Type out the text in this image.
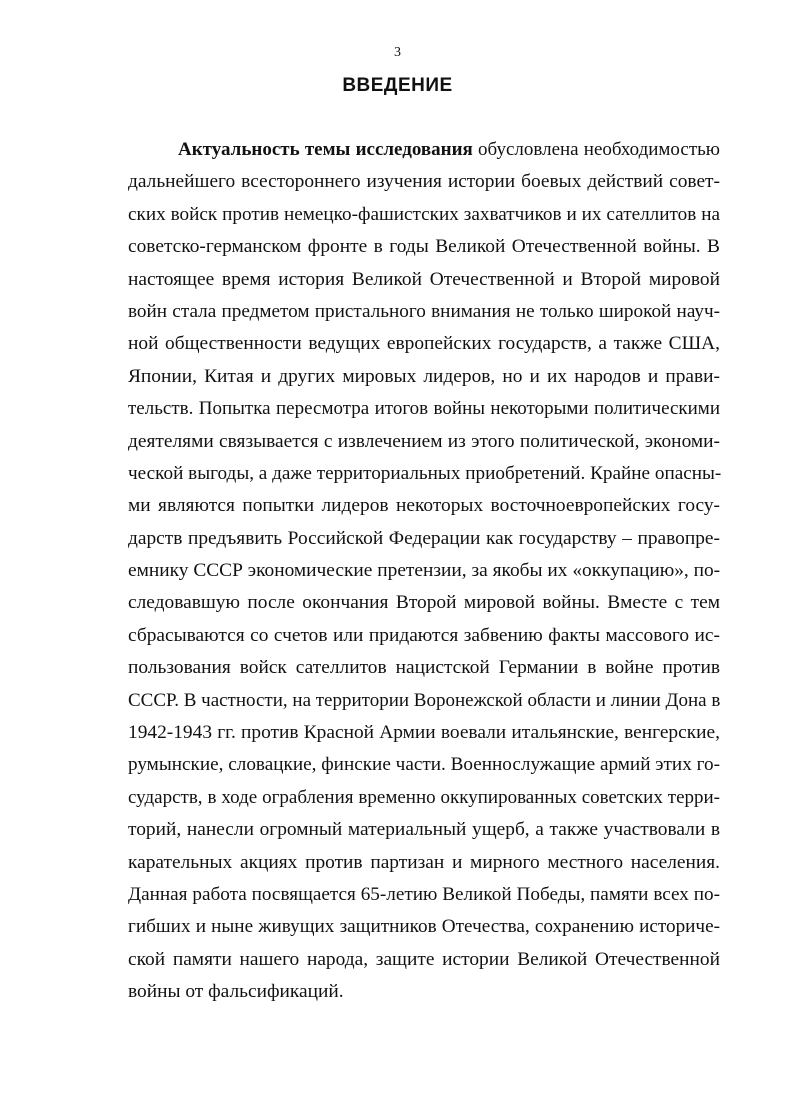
3
ВВЕДЕНИЕ
Актуальность темы исследования обусловлена необходимостью
дальнейшего всестороннего изучения истории боевых действий совет-
ских войск против немецко-фашистских захватчиков и их сателлитов на
советско-германском фронте в годы Великой Отечественной войны. В
настоящее время история Великой Отечественной и Второй мировой
войн стала предметом пристального внимания не только широкой науч-
ной общественности ведущих европейских государств, а также США,
Японии, Китая и других мировых лидеров, но и их народов и прави-
тельств. Попытка пересмотра итогов войны некоторыми политическими
деятелями связывается с извлечением из этого политической, экономи-
ческой выгоды, а даже территориальных приобретений. Крайне опасны-
ми являются попытки лидеров некоторых восточноевропейских госу-
дарств предъявить Российской Федерации как государству – правопре-
емнику СССР экономические претензии, за якобы их «оккупацию», по-
следовавшую после окончания Второй мировой войны. Вместе с тем
сбрасываются со счетов или придаются забвению факты массового ис-
пользования войск сателлитов нацистской Германии в войне против
СССР. В частности, на территории Воронежской области и линии Дона в
1942-1943 гг. против Красной Армии воевали итальянские, венгерские,
румынские, словацкие, финские части. Военнослужащие армий этих го-
сударств, в ходе ограбления временно оккупированных советских терри-
торий, нанесли огромный материальный ущерб, а также участвовали в
карательных акциях против партизан и мирного местного населения.
Данная работа посвящается 65-летию Великой Победы, памяти всех по-
гибших и ныне живущих защитников Отечества, сохранению историче-
ской памяти нашего народа, защите истории Великой Отечественной
войны от фальсификаций.
